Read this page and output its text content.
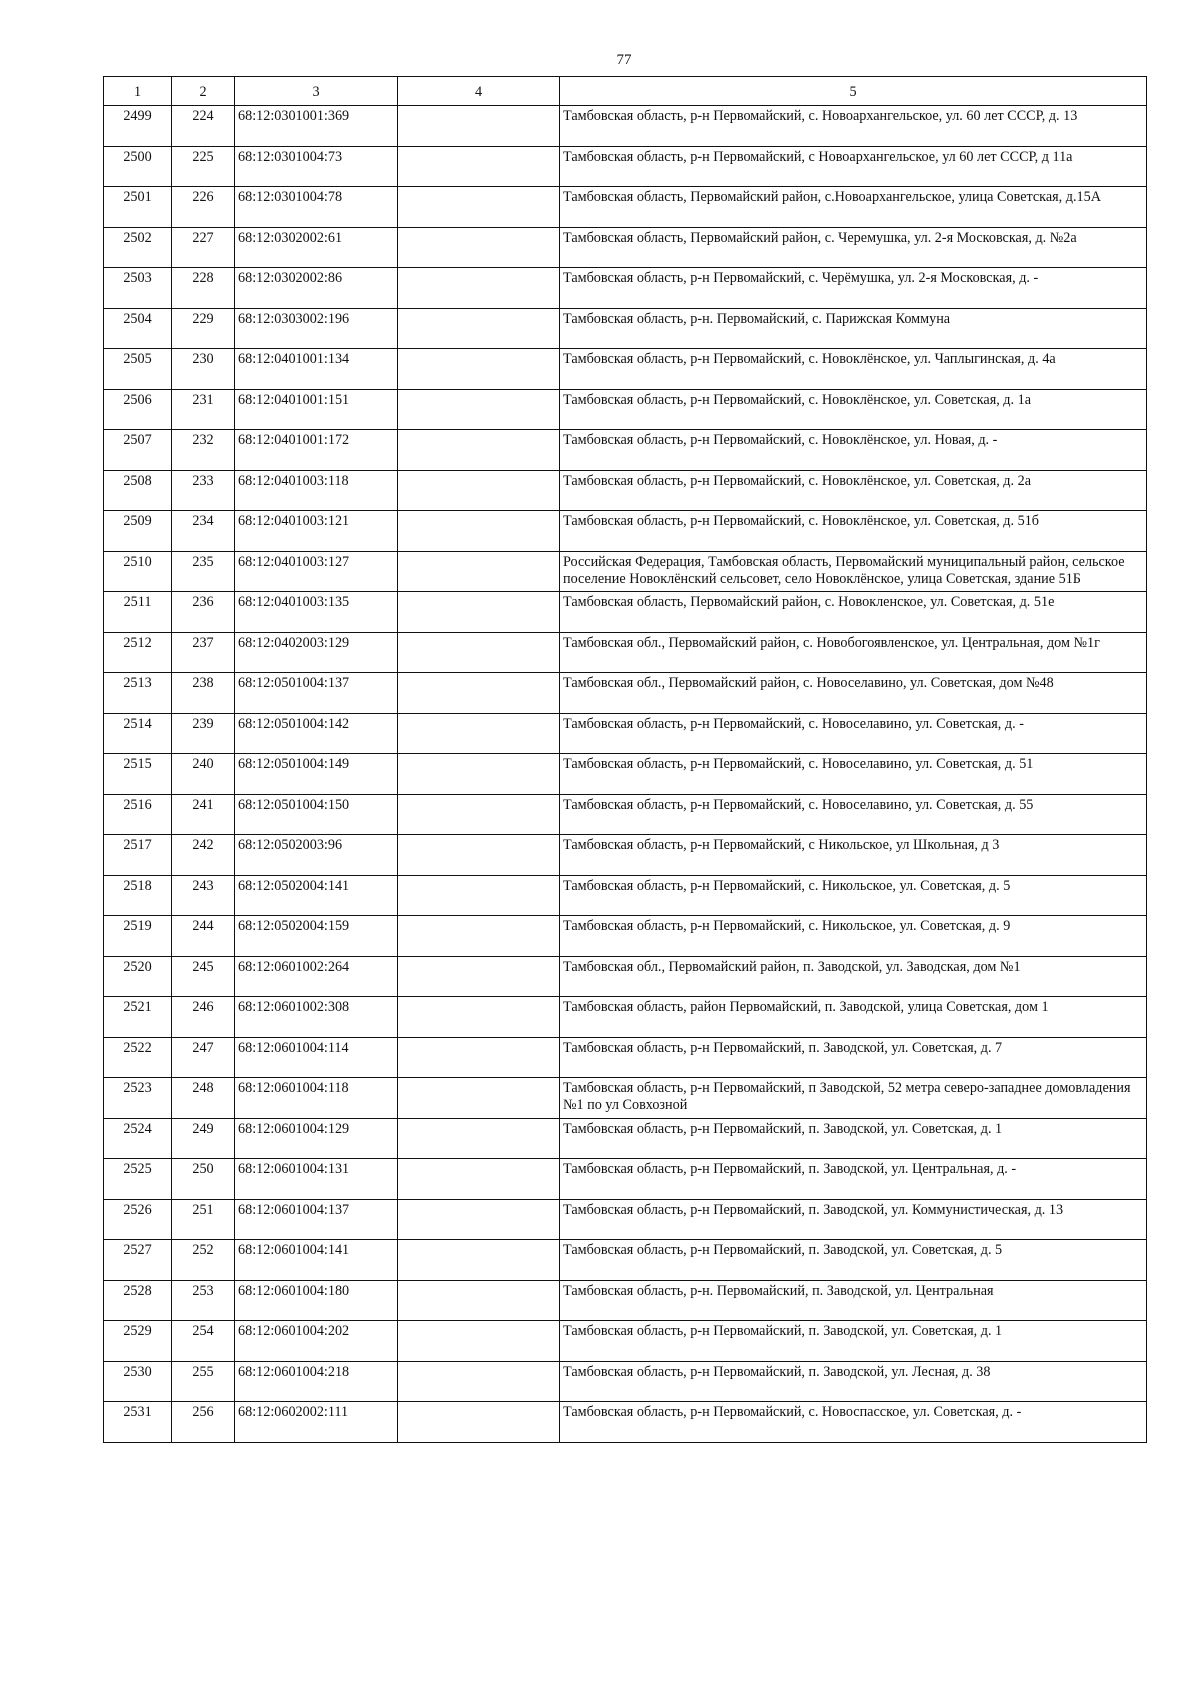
77
1	2	3	4	5
2499	224	68:12:0301001:369		Тамбовская область, р-н Первомайский, с. Новоархангельское, ул. 60 лет СССР, д. 13
2500	225	68:12:0301004:73		Тамбовская область, р-н Первомайский, с Новоархангельское, ул 60 лет СССР, д 11а
2501	226	68:12:0301004:78		Тамбовская область, Первомайский район, с.Новоархангельское, улица Советская, д.15А
2502	227	68:12:0302002:61		Тамбовская область, Первомайский район, с. Черемушка, ул. 2-я Московская, д. №2а
2503	228	68:12:0302002:86		Тамбовская область, р-н Первомайский, с. Черёмушка, ул. 2-я Московская, д. -
2504	229	68:12:0303002:196		Тамбовская область, р-н. Первомайский, с. Парижская Коммуна
2505	230	68:12:0401001:134		Тамбовская область, р-н Первомайский, с. Новоклёнское, ул. Чаплыгинская, д. 4а
2506	231	68:12:0401001:151		Тамбовская область, р-н Первомайский, с. Новоклёнское, ул. Советская, д. 1а
2507	232	68:12:0401001:172		Тамбовская область, р-н Первомайский, с. Новоклёнское, ул. Новая, д. -
2508	233	68:12:0401003:118		Тамбовская область, р-н Первомайский, с. Новоклёнское, ул. Советская, д. 2а
2509	234	68:12:0401003:121		Тамбовская область, р-н Первомайский, с. Новоклёнское, ул. Советская, д. 51б
2510	235	68:12:0401003:127		Российская Федерация, Тамбовская область, Первомайский муниципальный район, сельское поселение Новоклёнский сельсовет, село Новоклёнское, улица Советская, здание 51Б
2511	236	68:12:0401003:135		Тамбовская область, Первомайский район, с. Новокленское, ул. Советская, д. 51е
2512	237	68:12:0402003:129		Тамбовская обл., Первомайский район, с. Новобогоявленское, ул. Центральная, дом №1г
2513	238	68:12:0501004:137		Тамбовская обл., Первомайский район, с. Новоселавино, ул. Советская, дом №48
2514	239	68:12:0501004:142		Тамбовская область, р-н Первомайский, с. Новоселавино, ул. Советская, д. -
2515	240	68:12:0501004:149		Тамбовская область, р-н Первомайский, с. Новоселавино, ул. Советская, д. 51
2516	241	68:12:0501004:150		Тамбовская область, р-н Первомайский, с. Новоселавино, ул. Советская, д. 55
2517	242	68:12:0502003:96		Тамбовская область, р-н Первомайский, с Никольское, ул Школьная, д 3
2518	243	68:12:0502004:141		Тамбовская область, р-н Первомайский, с. Никольское, ул. Советская, д. 5
2519	244	68:12:0502004:159		Тамбовская область, р-н Первомайский, с. Никольское, ул. Советская, д. 9
2520	245	68:12:0601002:264		Тамбовская обл., Первомайский район, п. Заводской, ул. Заводская, дом №1
2521	246	68:12:0601002:308		Тамбовская область, район Первомайский, п. Заводской, улица Советская, дом 1
2522	247	68:12:0601004:114		Тамбовская область, р-н Первомайский, п. Заводской, ул. Советская, д. 7
2523	248	68:12:0601004:118		Тамбовская область, р-н Первомайский, п Заводской, 52 метра северо-западнее домовладения №1 по ул Совхозной
2524	249	68:12:0601004:129		Тамбовская область, р-н Первомайский, п. Заводской, ул. Советская, д. 1
2525	250	68:12:0601004:131		Тамбовская область, р-н Первомайский, п. Заводской, ул. Центральная, д. -
2526	251	68:12:0601004:137		Тамбовская область, р-н Первомайский, п. Заводской, ул. Коммунистическая, д. 13
2527	252	68:12:0601004:141		Тамбовская область, р-н Первомайский, п. Заводской, ул. Советская, д. 5
2528	253	68:12:0601004:180		Тамбовская область, р-н. Первомайский, п. Заводской, ул. Центральная
2529	254	68:12:0601004:202		Тамбовская область, р-н Первомайский, п. Заводской, ул. Советская, д. 1
2530	255	68:12:0601004:218		Тамбовская область, р-н Первомайский, п. Заводской, ул. Лесная, д. 38
2531	256	68:12:0602002:111		Тамбовская область, р-н Первомайский, с. Новоспасское, ул. Советская, д. -
